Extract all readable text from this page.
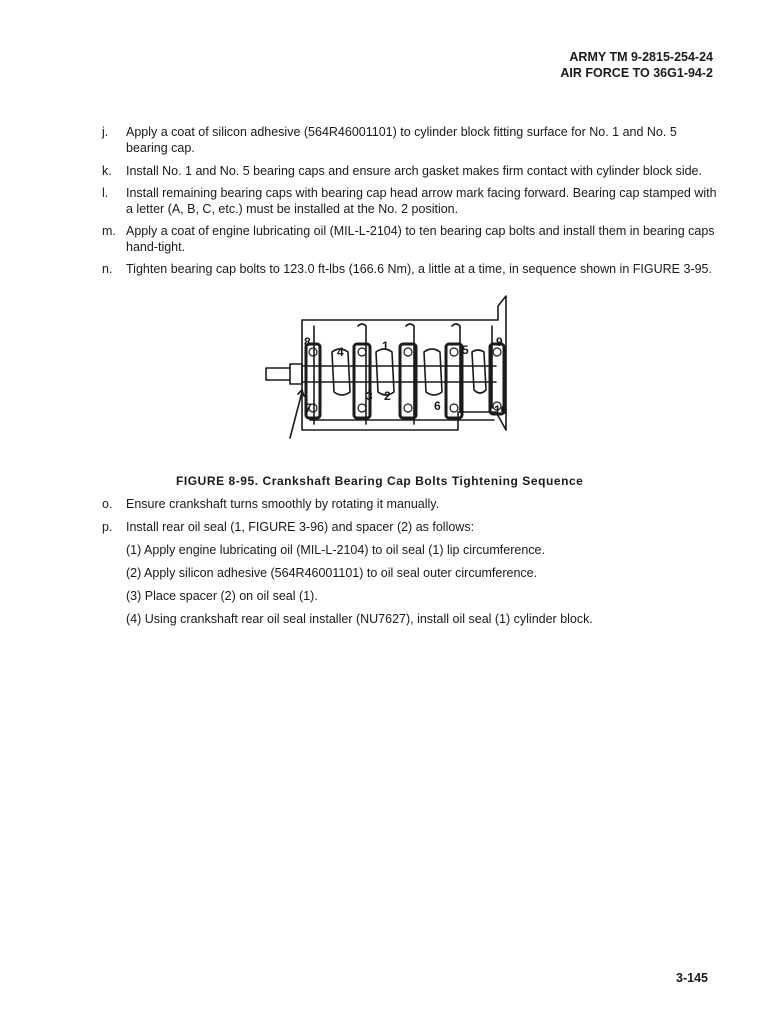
ARMY TM 9-2815-254-24
AIR FORCE TO 36G1-94-2
j. Apply a coat of silicon adhesive (564R46001101) to cylinder block fitting surface for No. 1 and No. 5 bearing cap.
k. Install No. 1 and No. 5 bearing caps and ensure arch gasket makes firm contact with cylinder block side.
l. Install remaining bearing caps with bearing cap head arrow mark facing forward. Bearing cap stamped with a letter (A, B, C, etc.) must be installed at the No. 2 position.
m. Apply a coat of engine lubricating oil (MIL-L-2104) to ten bearing cap bolts and install them in bearing caps hand-tight.
n. Tighten bearing cap bolts to 123.0 ft-lbs (166.6 Nm), a little at a time, in sequence shown in FIGURE 3-95.
1
2
3
4	5
6
7
8	9
10
FIGURE 8-95. Crankshaft Bearing Cap Bolts Tightening Sequence
o. Ensure crankshaft turns smoothly by rotating it manually.
p. Install rear oil seal (1, FIGURE 3-96) and spacer (2) as follows:
(1) Apply engine lubricating oil (MIL-L-2104) to oil seal (1) lip circumference.
(2) Apply silicon adhesive (564R46001101) to oil seal outer circumference.
(3) Place spacer (2) on oil seal (1).
(4) Using crankshaft rear oil seal installer (NU7627), install oil seal (1) cylinder block.
3-145
